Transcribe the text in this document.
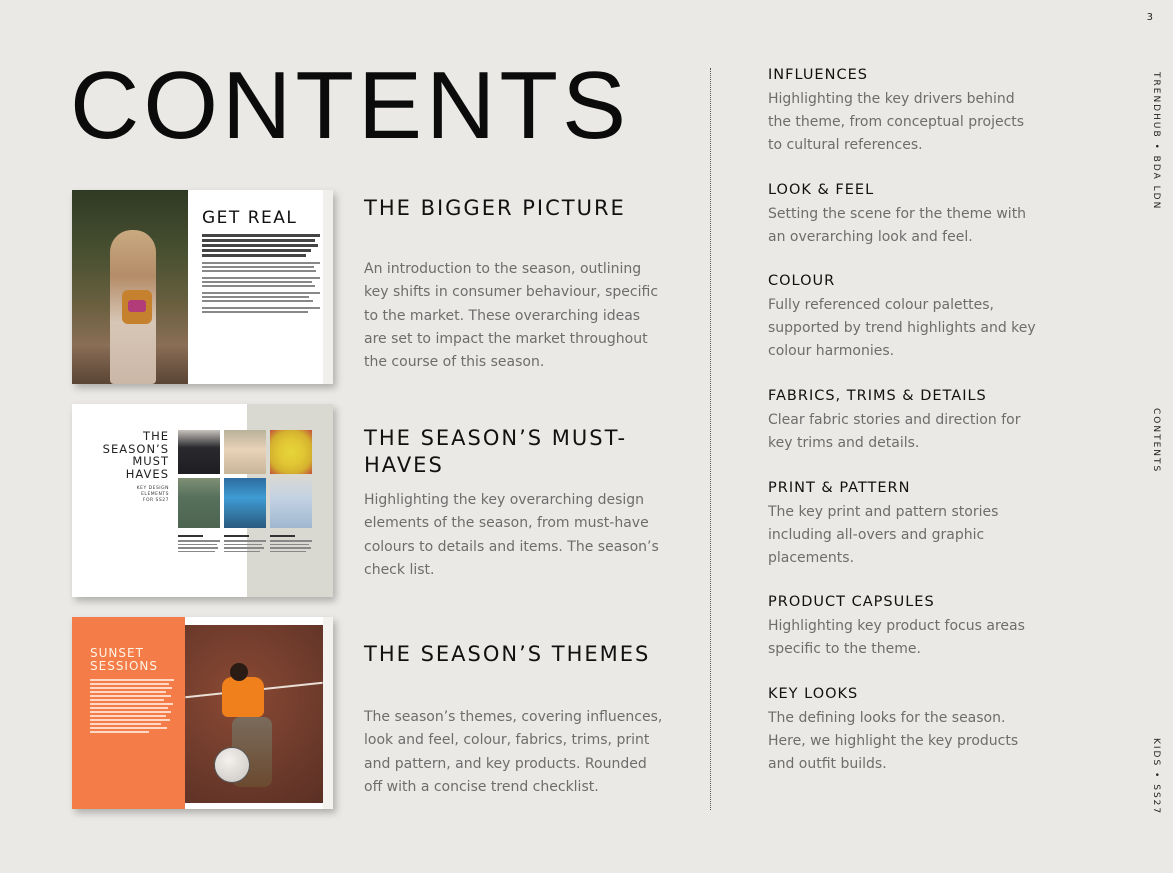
3
TRENDHUB • BDA LDN
CONTENTS
KIDS • SS27
CONTENTS
GET REAL	THE BIGGER PICTURE
An introduction to the season, outlining key shifts in consumer behaviour, specific to the market. These overarching ideas are set to impact the market throughout the course of this season.
THE
SEASON’S
MUST
HAVES
KEY DESIGN
ELEMENTS
FOR SS27
THE SEASON’S MUST-HAVES
Highlighting the key overarching design elements of the season, from must-have colours to details and items. The season’s check list.
SUNSET
SESSIONS	THE SEASON’S THEMES
The season’s themes, covering influences, look and feel, colour, fabrics, trims, print and pattern, and key products. Rounded off with a concise trend checklist.
INFLUENCES
Highlighting the key drivers behind the theme, from conceptual projects to cultural references.
LOOK & FEEL
Setting the scene for the theme with an overarching look and feel.
COLOUR
Fully referenced colour palettes, supported by trend highlights and key colour harmonies.
FABRICS, TRIMS & DETAILS
Clear fabric stories and direction for key trims and details.
PRINT & PATTERN
The key print and pattern stories including all-overs and graphic placements.
PRODUCT CAPSULES
Highlighting key product focus areas specific to the theme.
KEY LOOKS
The defining looks for the season. Here, we highlight the key products and outfit builds.
